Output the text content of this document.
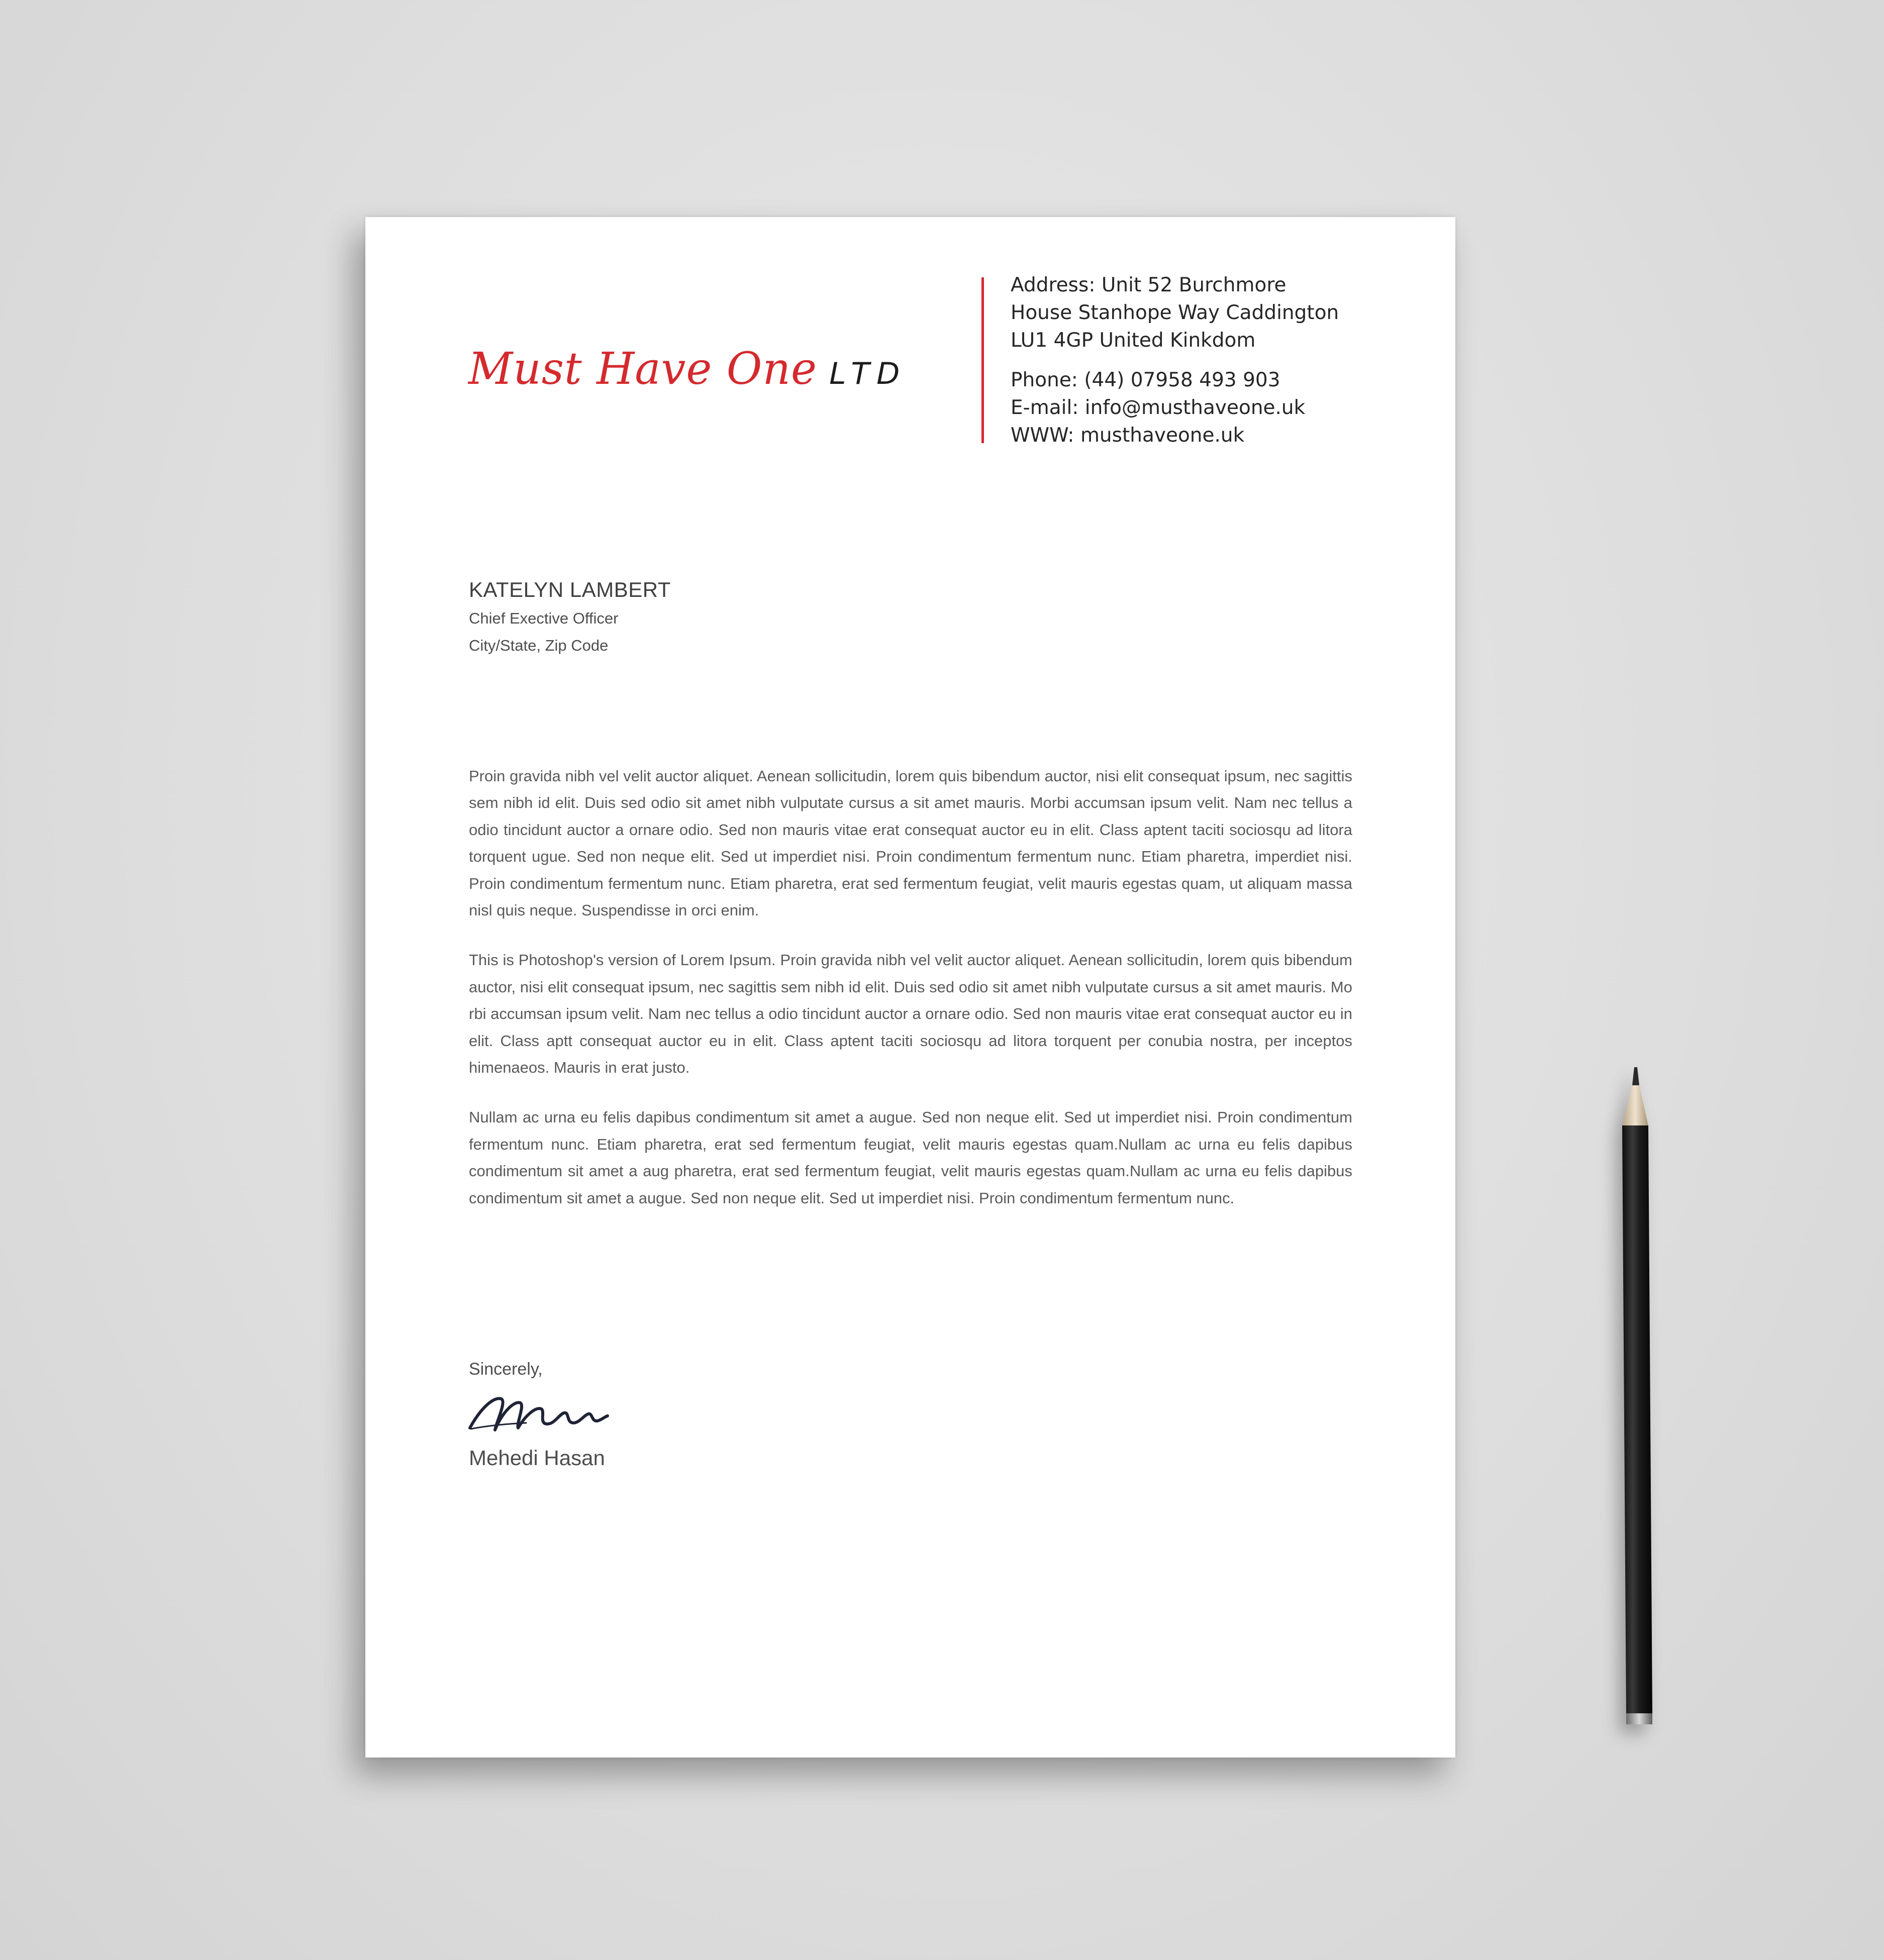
Must Have One LTD
Address: Unit 52 Burchmore
House Stanhope Way Caddington
LU1 4GP United Kinkdom
Phone: (44) 07958 493 903
E-mail: info@musthaveone.uk
WWW: musthaveone.uk
KATELYN LAMBERT
Chief Exective Officer
City/State, Zip Code

Proin gravida nibh vel velit auctor aliquet. Aenean sollicitudin, lorem quis bibendum auctor, nisi elit consequat ipsum, nec sagittis sem nibh id elit. Duis sed odio sit amet nibh vulputate cursus a sit amet mauris. Morbi accumsan ipsum velit. Nam nec tellus a odio tincidunt auctor a ornare odio. Sed non mauris vitae erat consequat auctor eu in elit. Class aptent taciti sociosqu ad litora torquent ugue. Sed non neque elit. Sed ut imperdiet nisi. Proin condimentum fermentum nunc. Etiam pharetra, imperdiet nisi. Proin condimentum fermentum nunc. Etiam pharetra, erat sed fermentum feugiat, velit mauris egestas quam, ut aliquam massa nisl quis neque. Suspendisse in orci enim.

This is Photoshop's version of Lorem Ipsum. Proin gravida nibh vel velit auctor aliquet. Aenean sollicitudin, lorem quis bibendum auctor, nisi elit consequat ipsum, nec sagittis sem nibh id elit. Duis sed odio sit amet nibh vulputate cursus a sit amet mauris. Mo rbi accumsan ipsum velit. Nam nec tellus a odio tincidunt auctor a ornare odio. Sed non mauris vitae erat consequat auctor eu in elit. Class aptt consequat auctor eu in elit. Class aptent taciti sociosqu ad litora torquent per conubia nostra, per inceptos himenaeos. Mauris in erat justo.

Nullam ac urna eu felis dapibus condimentum sit amet a augue. Sed non neque elit. Sed ut imperdiet nisi. Proin condimentum fermentum nunc. Etiam pharetra, erat sed fermentum feugiat, velit mauris egestas quam.Nullam ac urna eu felis dapibus condimentum sit amet a aug pharetra, erat sed fermentum feugiat, velit mauris egestas quam.Nullam ac urna eu felis dapibus condimentum sit amet a augue. Sed non neque elit. Sed ut imperdiet nisi. Proin condimentum fermentum nunc.

Sincerely,
Mehedi Hasan
